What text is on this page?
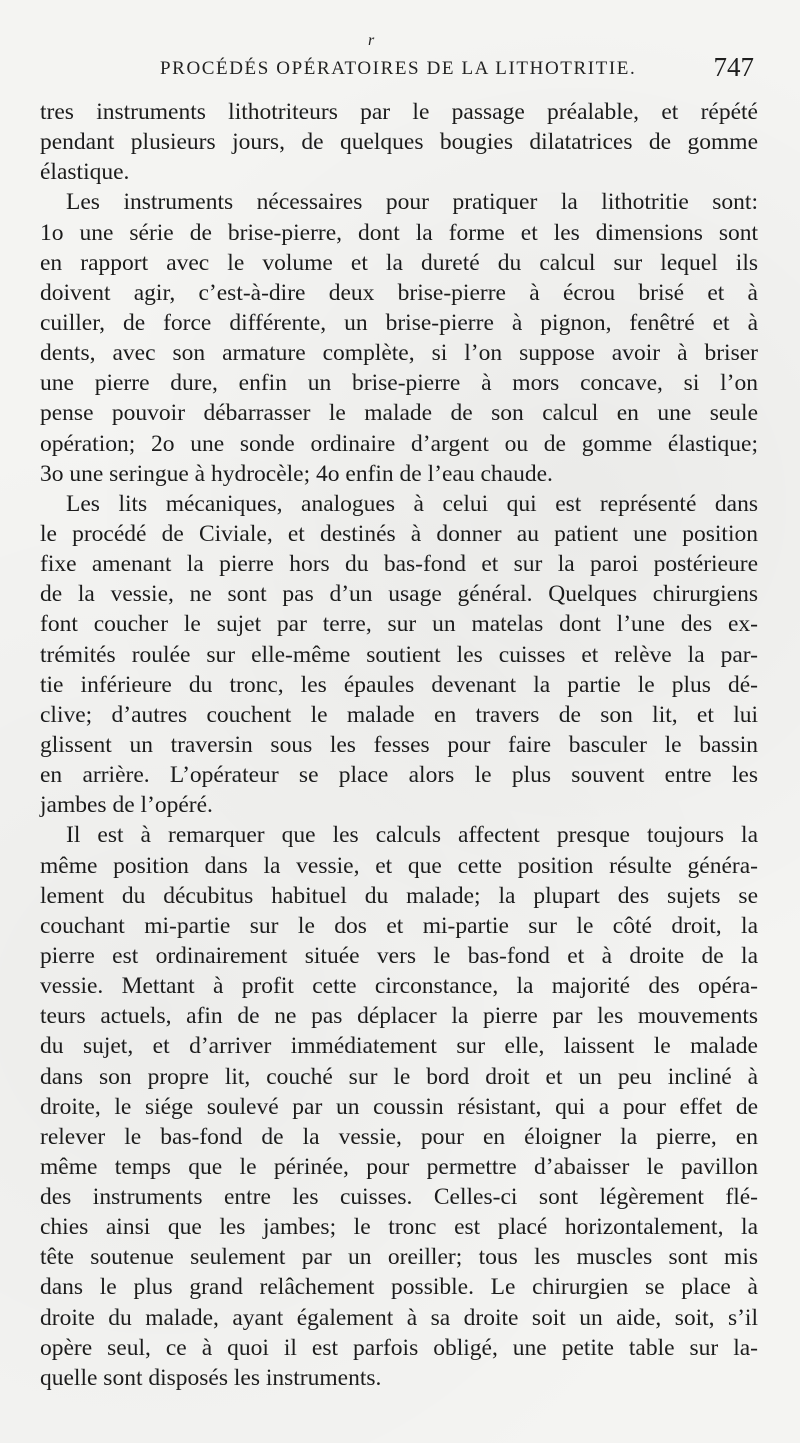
r
PROCÉDÉS OPÉRATOIRES DE LA LITHOTRITIE.	747
tres instruments lithotriteurs par le passage préalable, et répété
pendant plusieurs jours, de quelques bougies dilatatrices de gomme
élastique.
Les instruments nécessaires pour pratiquer la lithotritie sont:
1o une série de brise-pierre, dont la forme et les dimensions sont
en rapport avec le volume et la dureté du calcul sur lequel ils
doivent agir, c’est-à-dire deux brise-pierre à écrou brisé et à
cuiller, de force différente, un brise-pierre à pignon, fenêtré et à
dents, avec son armature complète, si l’on suppose avoir à briser
une pierre dure, enfin un brise-pierre à mors concave, si l’on
pense pouvoir débarrasser le malade de son calcul en une seule
opération; 2o une sonde ordinaire d’argent ou de gomme élastique;
3o une seringue à hydrocèle; 4o enfin de l’eau chaude.
Les lits mécaniques, analogues à celui qui est représenté dans
le procédé de Civiale, et destinés à donner au patient une position
fixe amenant la pierre hors du bas-fond et sur la paroi postérieure
de la vessie, ne sont pas d’un usage général. Quelques chirurgiens
font coucher le sujet par terre, sur un matelas dont l’une des ex-
trémités roulée sur elle-même soutient les cuisses et relève la par-
tie inférieure du tronc, les épaules devenant la partie le plus dé-
clive; d’autres couchent le malade en travers de son lit, et lui
glissent un traversin sous les fesses pour faire basculer le bassin
en arrière. L’opérateur se place alors le plus souvent entre les
jambes de l’opéré.
Il est à remarquer que les calculs affectent presque toujours la
même position dans la vessie, et que cette position résulte généra-
lement du décubitus habituel du malade; la plupart des sujets se
couchant mi-partie sur le dos et mi-partie sur le côté droit, la
pierre est ordinairement située vers le bas-fond et à droite de la
vessie. Mettant à profit cette circonstance, la majorité des opéra-
teurs actuels, afin de ne pas déplacer la pierre par les mouvements
du sujet, et d’arriver immédiatement sur elle, laissent le malade
dans son propre lit, couché sur le bord droit et un peu incliné à
droite, le siége soulevé par un coussin résistant, qui a pour effet de
relever le bas-fond de la vessie, pour en éloigner la pierre, en
même temps que le périnée, pour permettre d’abaisser le pavillon
des instruments entre les cuisses. Celles-ci sont légèrement flé-
chies ainsi que les jambes; le tronc est placé horizontalement, la
tête soutenue seulement par un oreiller; tous les muscles sont mis
dans le plus grand relâchement possible. Le chirurgien se place à
droite du malade, ayant également à sa droite soit un aide, soit, s’il
opère seul, ce à quoi il est parfois obligé, une petite table sur la-
quelle sont disposés les instruments.
